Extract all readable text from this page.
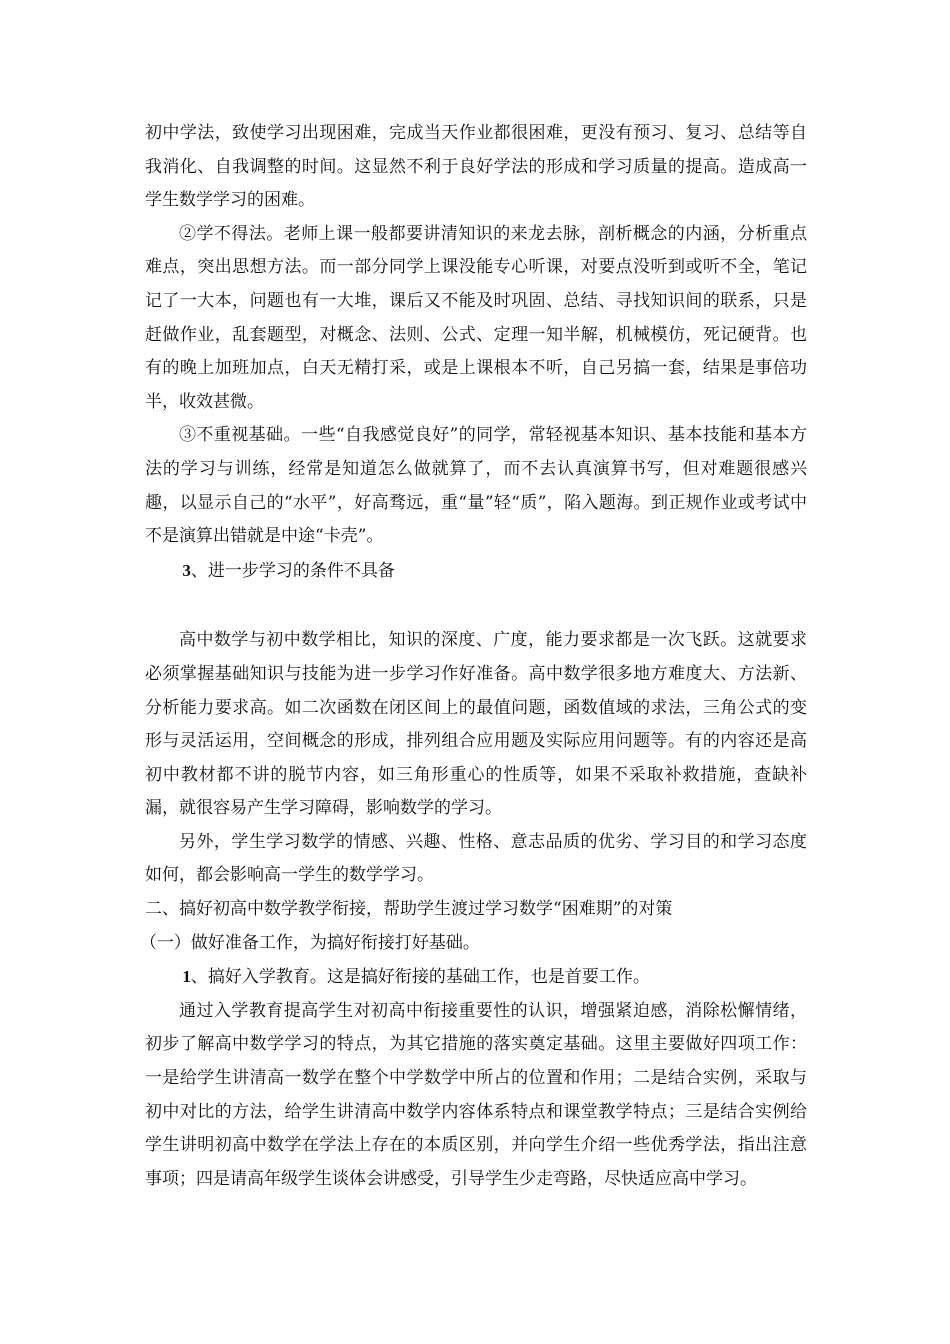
初中学法，致使学习出现困难，完成当天作业都很困难，更没有预习、复习、总结等自我消化、自我调整的时间。这显然不利于良好学法的形成和学习质量的提高。造成高一学生数学学习的困难。

②学不得法。老师上课一般都要讲清知识的来龙去脉，剖析概念的内涵，分析重点难点，突出思想方法。而一部分同学上课没能专心听课，对要点没听到或听不全，笔记记了一大本，问题也有一大堆，课后又不能及时巩固、总结、寻找知识间的联系，只是赶做作业，乱套题型，对概念、法则、公式、定理一知半解，机械模仿，死记硬背。也有的晚上加班加点，白天无精打采，或是上课根本不听，自己另搞一套，结果是事倍功半，收效甚微。

③不重视基础。一些“自我感觉良好”的同学，常轻视基本知识、基本技能和基本方法的学习与训练，经常是知道怎么做就算了，而不去认真演算书写，但对难题很感兴趣，以显示自己的“水平”，好高骛远，重“量”轻“质”，陷入题海。到正规作业或考试中不是演算出错就是中途“卡壳”。

3、进一步学习的条件不具备

高中数学与初中数学相比，知识的深度、广度，能力要求都是一次飞跃。这就要求必须掌握基础知识与技能为进一步学习作好准备。高中数学很多地方难度大、方法新、分析能力要求高。如二次函数在闭区间上的最值问题，函数值域的求法，三角公式的变形与灵活运用，空间概念的形成，排列组合应用题及实际应用问题等。有的内容还是高初中教材都不讲的脱节内容，如三角形重心的性质等，如果不采取补救措施，查缺补漏，就很容易产生学习障碍，影响数学的学习。

另外，学生学习数学的情感、兴趣、性格、意志品质的优劣、学习目的和学习态度如何，都会影响高一学生的数学学习。

二、搞好初高中数学教学衔接，帮助学生渡过学习数学“困难期”的对策

（一）做好准备工作，为搞好衔接打好基础。

1、搞好入学教育。这是搞好衔接的基础工作，也是首要工作。

通过入学教育提高学生对初高中衔接重要性的认识，增强紧迫感，消除松懈情绪，初步了解高中数学学习的特点，为其它措施的落实奠定基础。这里主要做好四项工作：一是给学生讲清高一数学在整个中学数学中所占的位置和作用；二是结合实例，采取与初中对比的方法，给学生讲清高中数学内容体系特点和课堂教学特点；三是结合实例给学生讲明初高中数学在学法上存在的本质区别，并向学生介绍一些优秀学法，指出注意事项；四是请高年级学生谈体会讲感受，引导学生少走弯路，尽快适应高中学习。
